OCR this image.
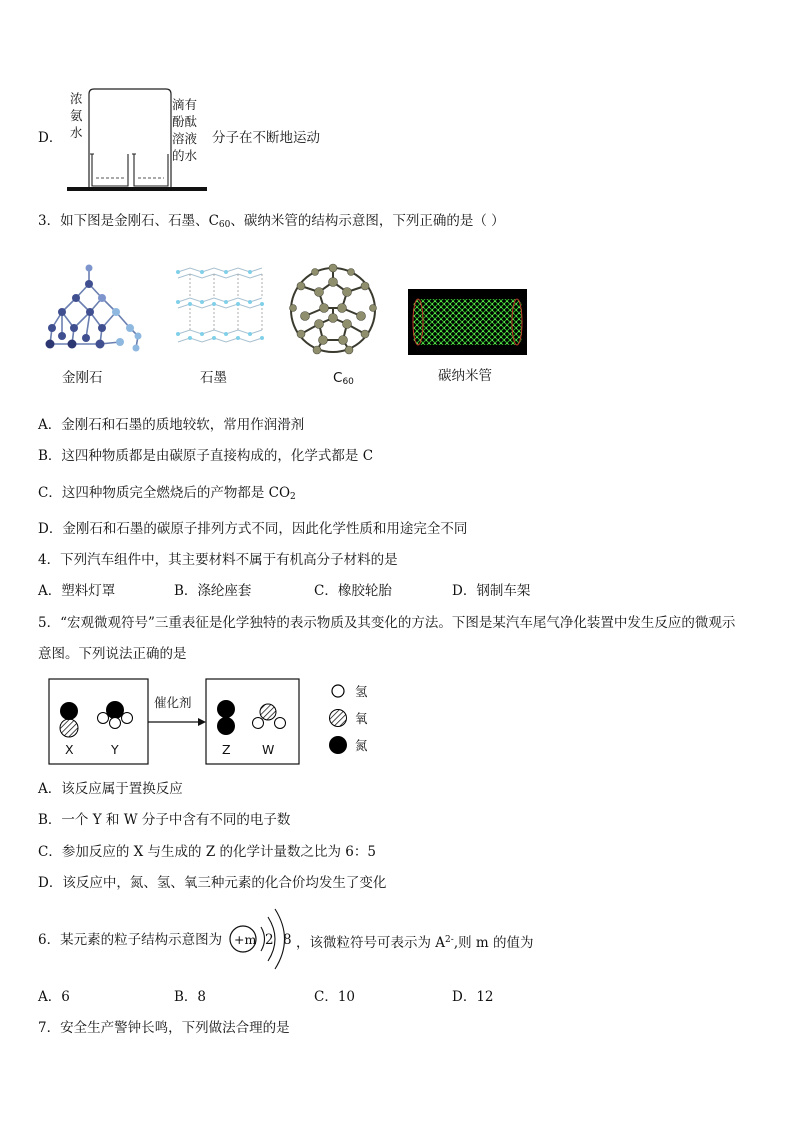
D．
浓
氨
水
滴有
酚酞
溶液
的水
分子在不断地运动
3．如下图是金刚石、石墨、$C_{60}$、碳纳米管的结构示意图，下列正确的是（ ）
金刚石	石墨	$C_{60}$	碳纳米管
A．金刚石和石墨的质地较软，常用作润滑剂
B．这四种物质都是由碳原子直接构成的，化学式都是 C
C．这四种物质完全燃烧后的产物都是 $CO_2$
D．金刚石和石墨的碳原子排列方式不同，因此化学性质和用途完全不同
4．下列汽车组件中，其主要材料不属于有机高分子材料的是
A．塑料灯罩	B．涤纶座套	C．橡胶轮胎	D．钢制车架
5．“宏观微观符号”三重表征是化学独特的表示物质及其变化的方法。下图是某汽车尾气净化装置中发生反应的微观示
意图。下列说法正确的是
催化剂
X	Y	Z	W
氢
氧
氮
A．该反应属于置换反应
B．一个 Y 和 W 分子中含有不同的电子数
C．参加反应的 X 与生成的 Z 的化学计量数之比为 6：5
D．该反应中，氮、氢、氧三种元素的化合价均发生了变化
6．某元素的粒子结构示意图为 +m 2 8 ，该微粒符号可表示为 $A^{2-}$,则 m 的值为
A．6	B．8	C．10	D．12
7．安全生产警钟长鸣，下列做法合理的是
